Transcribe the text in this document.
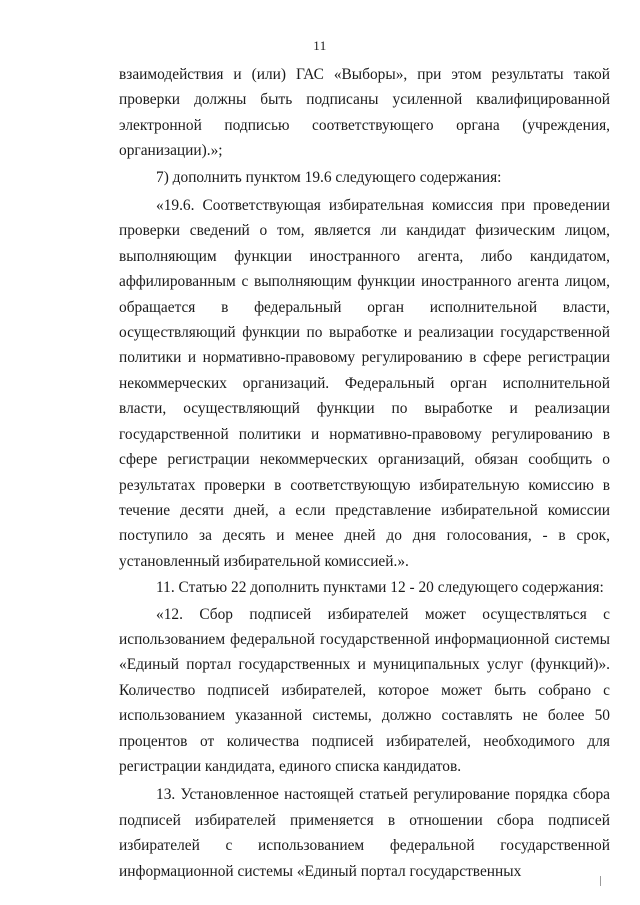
11

взаимодействия и (или) ГАС «Выборы», при этом результаты такой проверки должны быть подписаны усиленной квалифицированной электронной подписью соответствующего органа (учреждения, организации).»;

7) дополнить пунктом 19.6 следующего содержания:

«19.6. Соответствующая избирательная комиссия при проведении проверки сведений о том, является ли кандидат физическим лицом, выполняющим функции иностранного агента, либо кандидатом, аффилированным с выполняющим функции иностранного агента лицом, обращается в федеральный орган исполнительной власти, осуществляющий функции по выработке и реализации государственной политики и нормативно-правовому регулированию в сфере регистрации некоммерческих организаций. Федеральный орган исполнительной власти, осуществляющий функции по выработке и реализации государственной политики и нормативно-правовому регулированию в сфере регистрации некоммерческих организаций, обязан сообщить о результатах проверки в соответствующую избирательную комиссию в течение десяти дней, а если представление избирательной комиссии поступило за десять и менее дней до дня голосования, - в срок, установленный избирательной комиссией.».

11. Статью 22 дополнить пунктами 12 - 20 следующего содержания:

«12. Сбор подписей избирателей может осуществляться с использованием федеральной государственной информационной системы «Единый портал государственных и муниципальных услуг (функций)». Количество подписей избирателей, которое может быть собрано с использованием указанной системы, должно составлять не более 50 процентов от количества подписей избирателей, необходимого для регистрации кандидата, единого списка кандидатов.

13. Установленное настоящей статьей регулирование порядка сбора подписей избирателей применяется в отношении сбора подписей избирателей с использованием федеральной государственной информационной системы «Единый портал государственных
